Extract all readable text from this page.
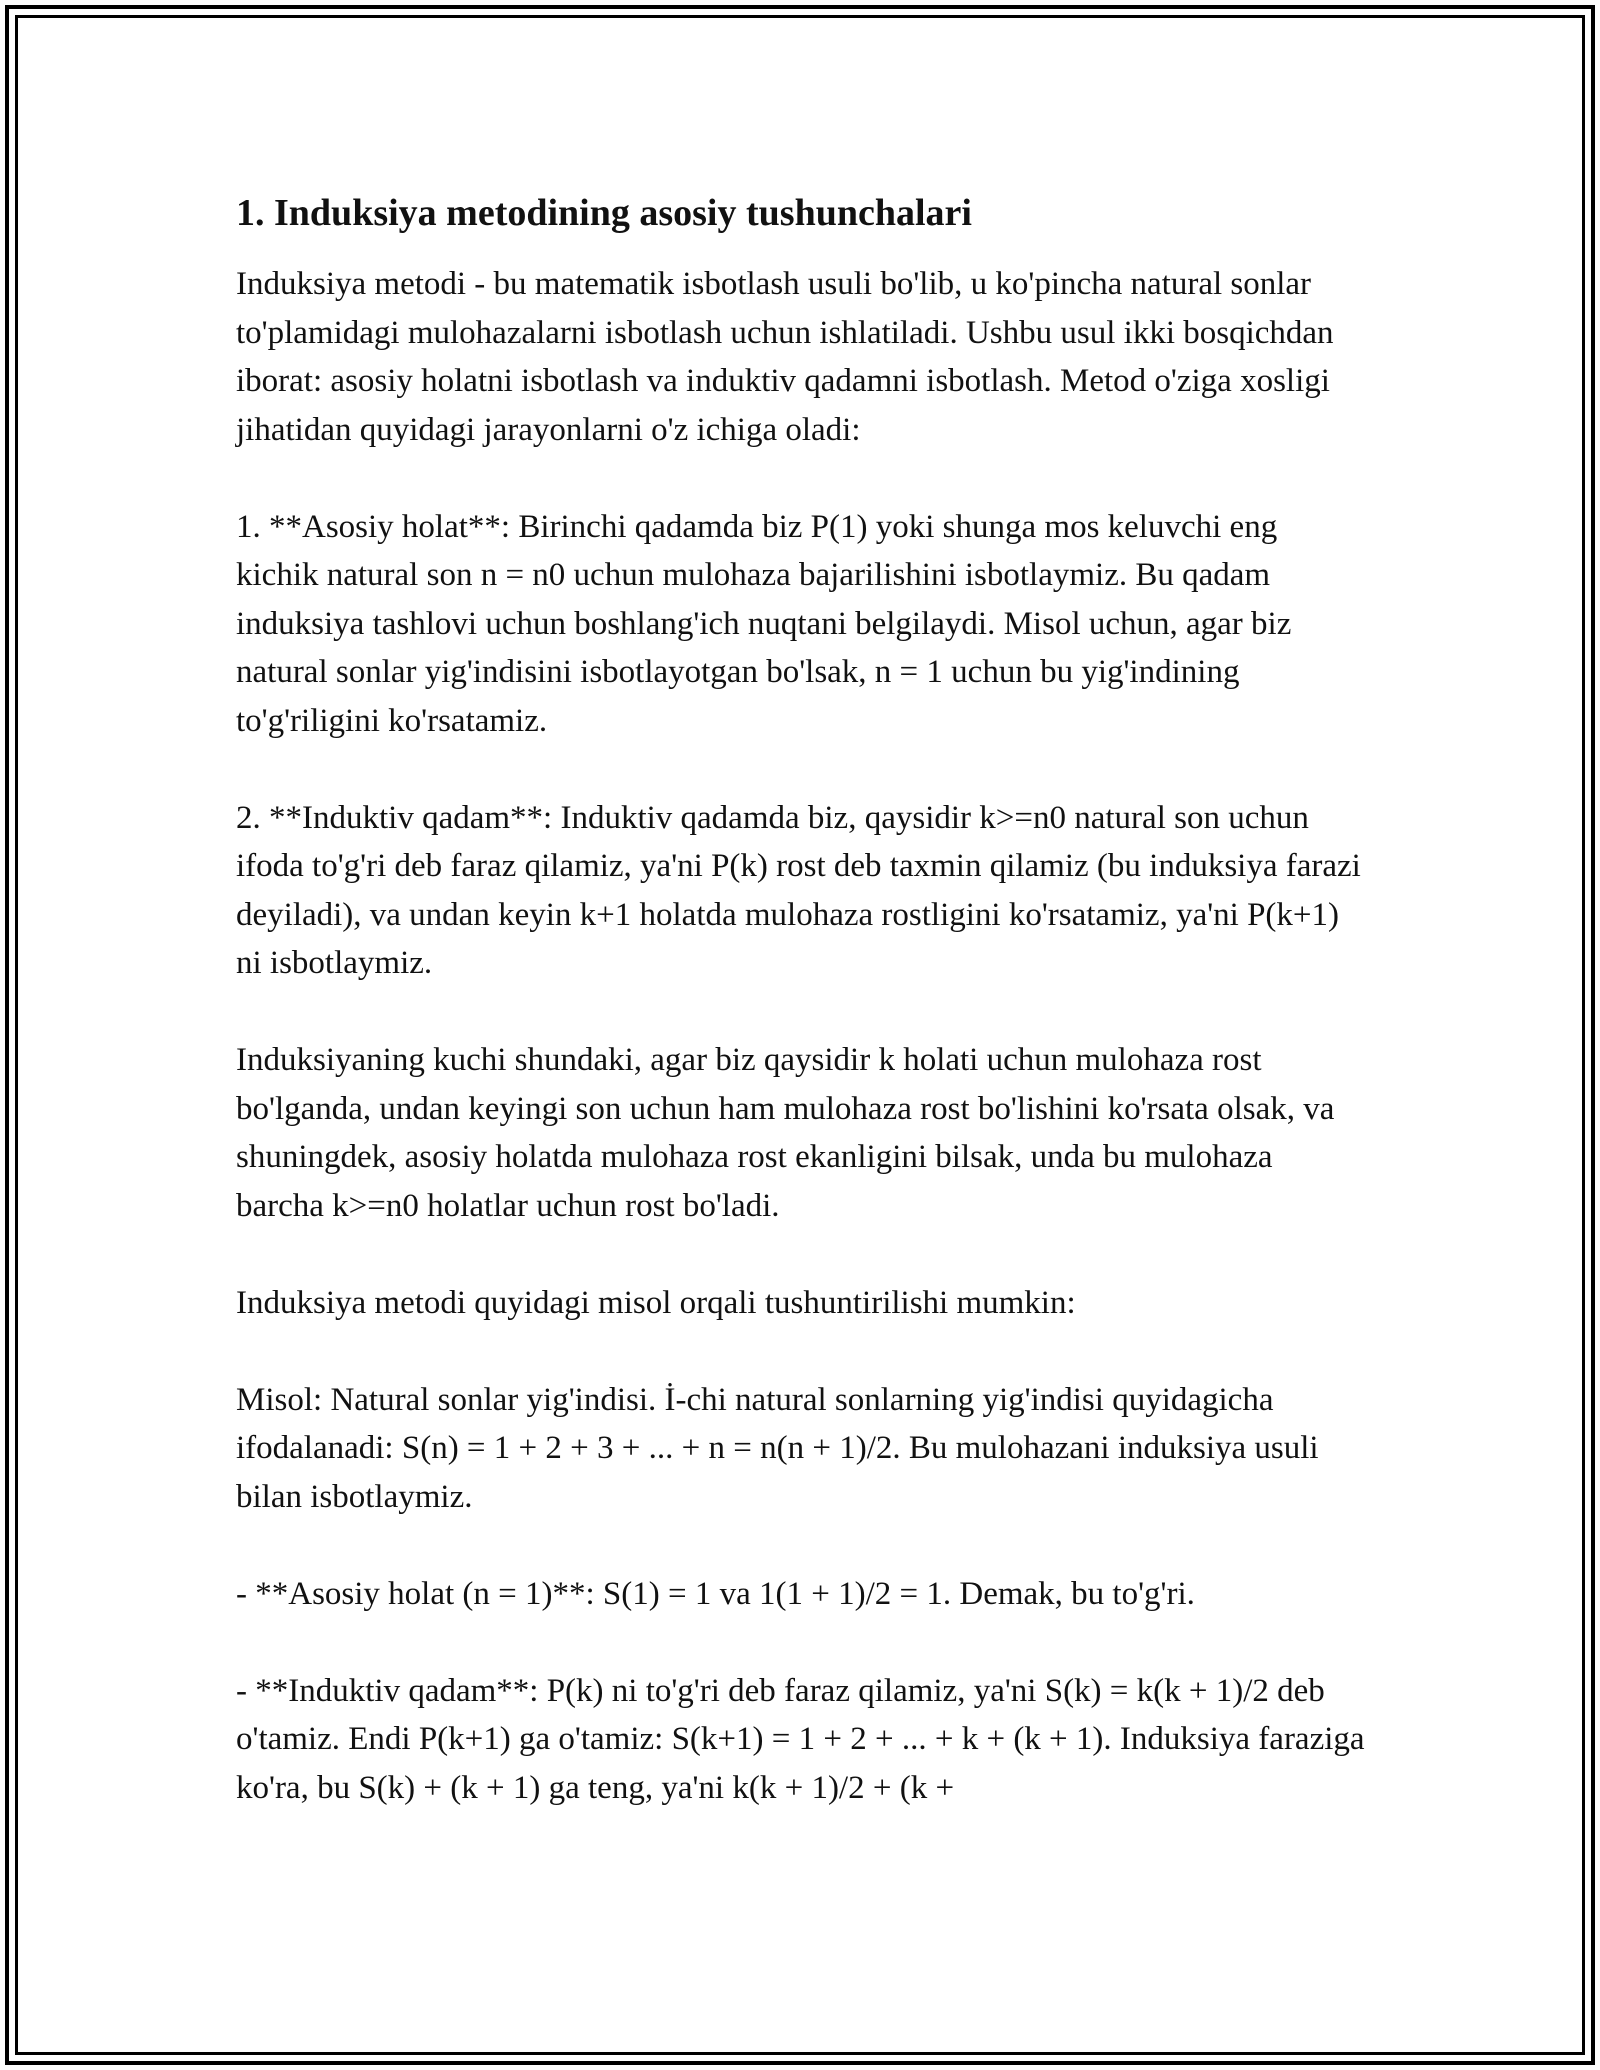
1. Induksiya metodining asosiy tushunchalari

Induksiya metodi - bu matematik isbotlash usuli bo'lib, u ko'pincha natural sonlar to'plamidagi mulohazalarni isbotlash uchun ishlatiladi. Ushbu usul ikki bosqichdan iborat: asosiy holatni isbotlash va induktiv qadamni isbotlash. Metod o'ziga xosligi jihatidan quyidagi jarayonlarni o'z ichiga oladi:

1. **Asosiy holat**: Birinchi qadamda biz P(1) yoki shunga mos keluvchi eng kichik natural son n = n0 uchun mulohaza bajarilishini isbotlaymiz. Bu qadam induksiya tashlovi uchun boshlang'ich nuqtani belgilaydi. Misol uchun, agar biz natural sonlar yig'indisini isbotlayotgan bo'lsak, n = 1 uchun bu yig'indining to'g'riligini ko'rsatamiz.

2. **Induktiv qadam**: Induktiv qadamda biz, qaysidir k>=n0 natural son uchun ifoda to'g'ri deb faraz qilamiz, ya'ni P(k) rost deb taxmin qilamiz (bu induksiya farazi deyiladi), va undan keyin k+1 holatda mulohaza rostligini ko'rsatamiz, ya'ni P(k+1) ni isbotlaymiz.

Induksiyaning kuchi shundaki, agar biz qaysidir k holati uchun mulohaza rost bo'lganda, undan keyingi son uchun ham mulohaza rost bo'lishini ko'rsata olsak, va shuningdek, asosiy holatda mulohaza rost ekanligini bilsak, unda bu mulohaza barcha k>=n0 holatlar uchun rost bo'ladi.

Induksiya metodi quyidagi misol orqali tushuntirilishi mumkin:

Misol: Natural sonlar yig'indisi. İ-chi natural sonlarning yig'indisi quyidagicha ifodalanadi: S(n) = 1 + 2 + 3 + ... + n = n(n + 1)/2. Bu mulohazani induksiya usuli bilan isbotlaymiz.

- **Asosiy holat (n = 1)**: S(1) = 1 va 1(1 + 1)/2 = 1. Demak, bu to'g'ri.

- **Induktiv qadam**: P(k) ni to'g'ri deb faraz qilamiz, ya'ni S(k) = k(k + 1)/2 deb o'tamiz. Endi P(k+1) ga o'tamiz: S(k+1) = 1 + 2 + ... + k + (k + 1). Induksiya faraziga ko'ra, bu S(k) + (k + 1) ga teng, ya'ni k(k + 1)/2 + (k +
